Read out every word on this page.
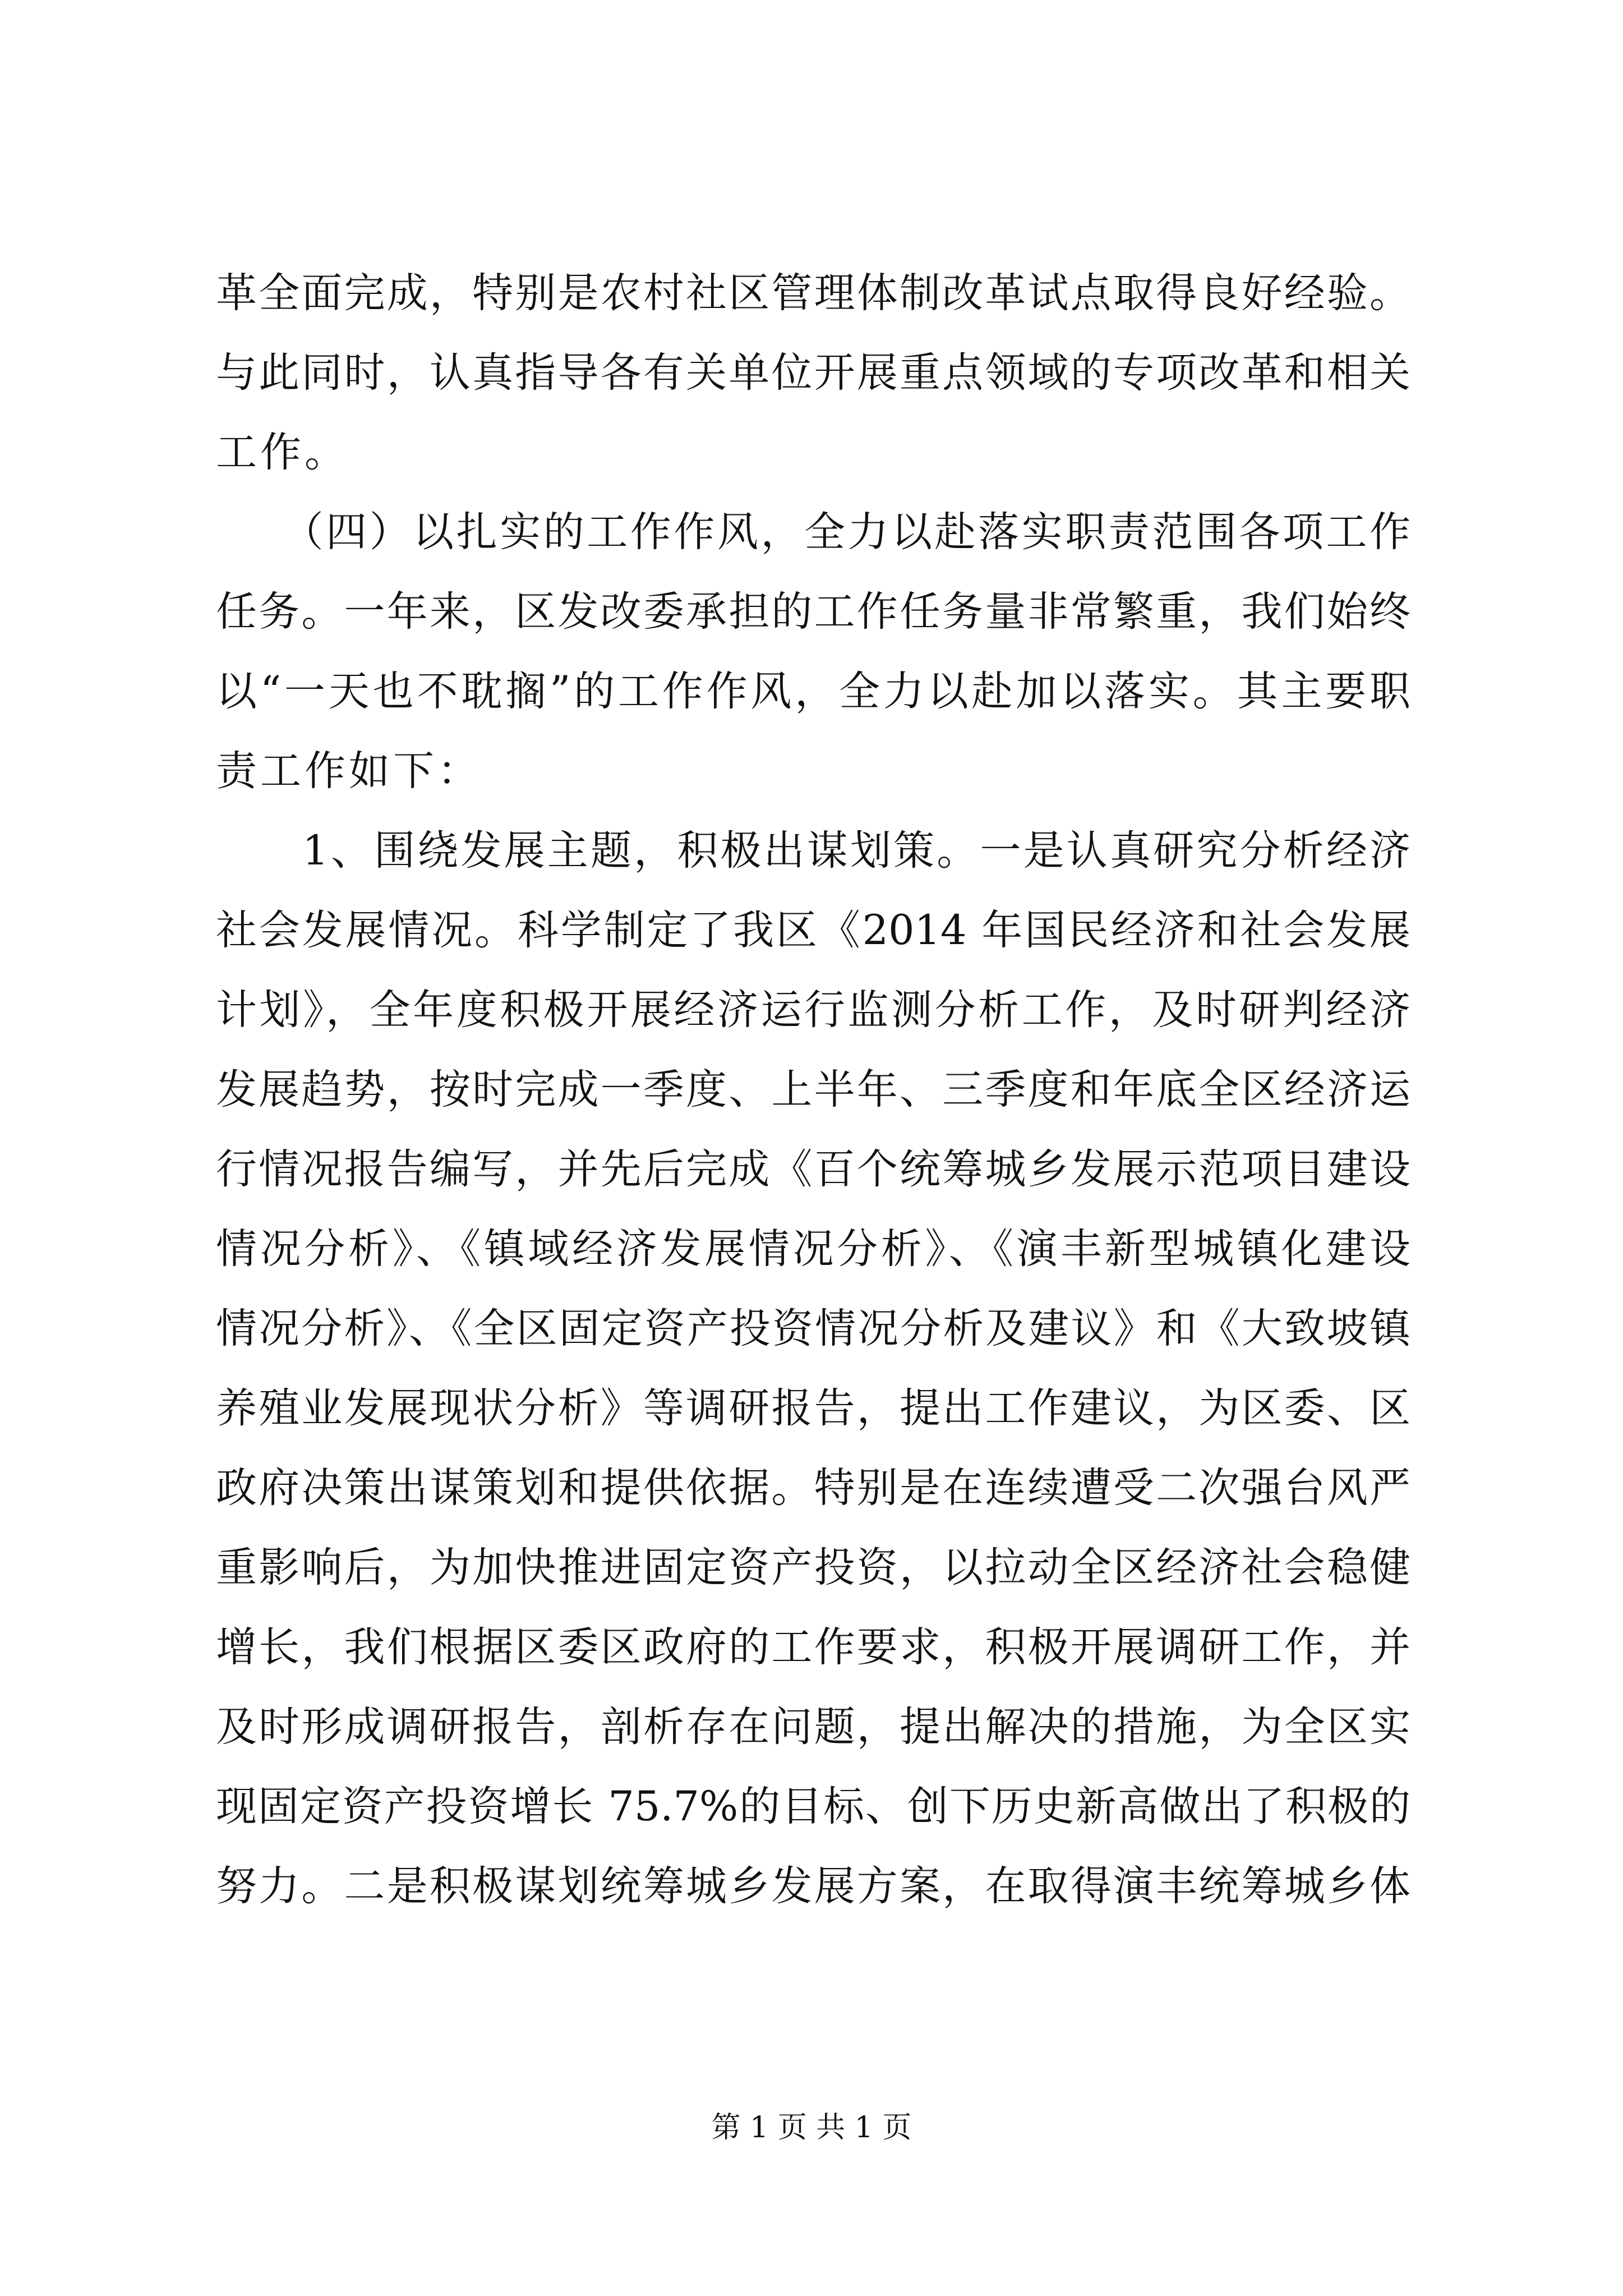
革全面完成，特别是农村社区管理体制改革试点取得良好经验。
与此同时，认真指导各有关单位开展重点领域的专项改革和相关
工作。
　　（四）以扎实的工作作风，全力以赴落实职责范围各项工作
任务。一年来，区发改委承担的工作任务量非常繁重，我们始终
以“一天也不耽搁”的工作作风，全力以赴加以落实。其主要职
责工作如下：
　　1、围绕发展主题，积极出谋划策。一是认真研究分析经济
社会发展情况。科学制定了我区《2014 年国民经济和社会发展
计划》，全年度积极开展经济运行监测分析工作，及时研判经济
发展趋势，按时完成一季度、上半年、三季度和年底全区经济运
行情况报告编写，并先后完成《百个统筹城乡发展示范项目建设
情况分析》、《镇域经济发展情况分析》、《演丰新型城镇化建设
情况分析》、《全区固定资产投资情况分析及建议》和《大致坡镇
养殖业发展现状分析》等调研报告，提出工作建议，为区委、区
政府决策出谋策划和提供依据。特别是在连续遭受二次强台风严
重影响后，为加快推进固定资产投资，以拉动全区经济社会稳健
增长，我们根据区委区政府的工作要求，积极开展调研工作，并
及时形成调研报告，剖析存在问题，提出解决的措施，为全区实
现固定资产投资增长 75.7%的目标、创下历史新高做出了积极的
努力。二是积极谋划统筹城乡发展方案，在取得演丰统筹城乡体
第 1 页 共 1 页
